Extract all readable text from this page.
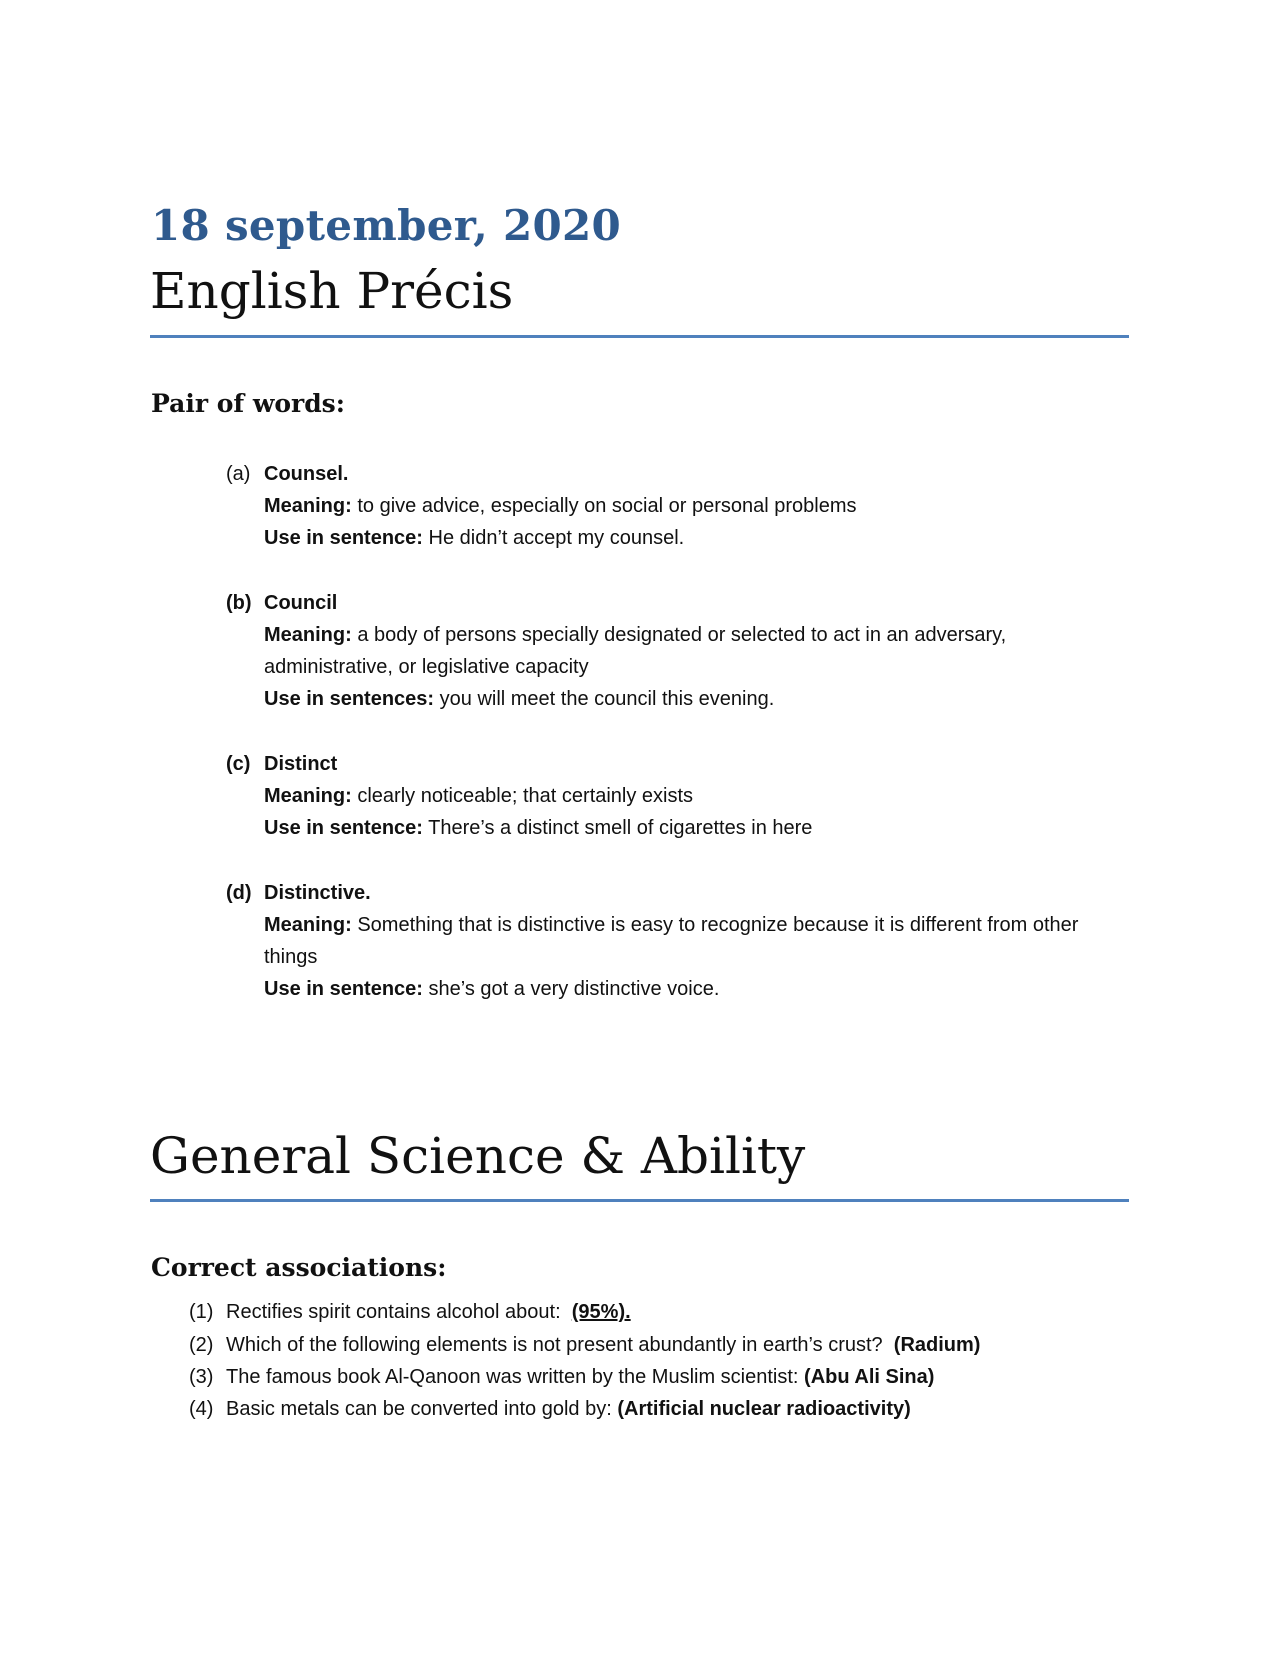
18 september, 2020
English Précis
Pair of words:
(a) Counsel.
Meaning: to give advice, especially on social or personal problems
Use in sentence: He didn’t accept my counsel.
(b) Council
Meaning: a body of persons specially designated or selected to act in an adversary,
administrative, or legislative capacity
Use in sentences: you will meet the council this evening.
(c) Distinct
Meaning: clearly noticeable; that certainly exists
Use in sentence: There’s a distinct smell of cigarettes in here
(d) Distinctive.
Meaning: Something that is distinctive is easy to recognize because it is different from other
things
Use in sentence: she’s got a very distinctive voice.
General Science & Ability
Correct associations:
(1) Rectifies spirit contains alcohol about: (95%).
(2) Which of the following elements is not present abundantly in earth’s crust? (Radium)
(3) The famous book Al-Qanoon was written by the Muslim scientist: (Abu Ali Sina)
(4) Basic metals can be converted into gold by: (Artificial nuclear radioactivity)
